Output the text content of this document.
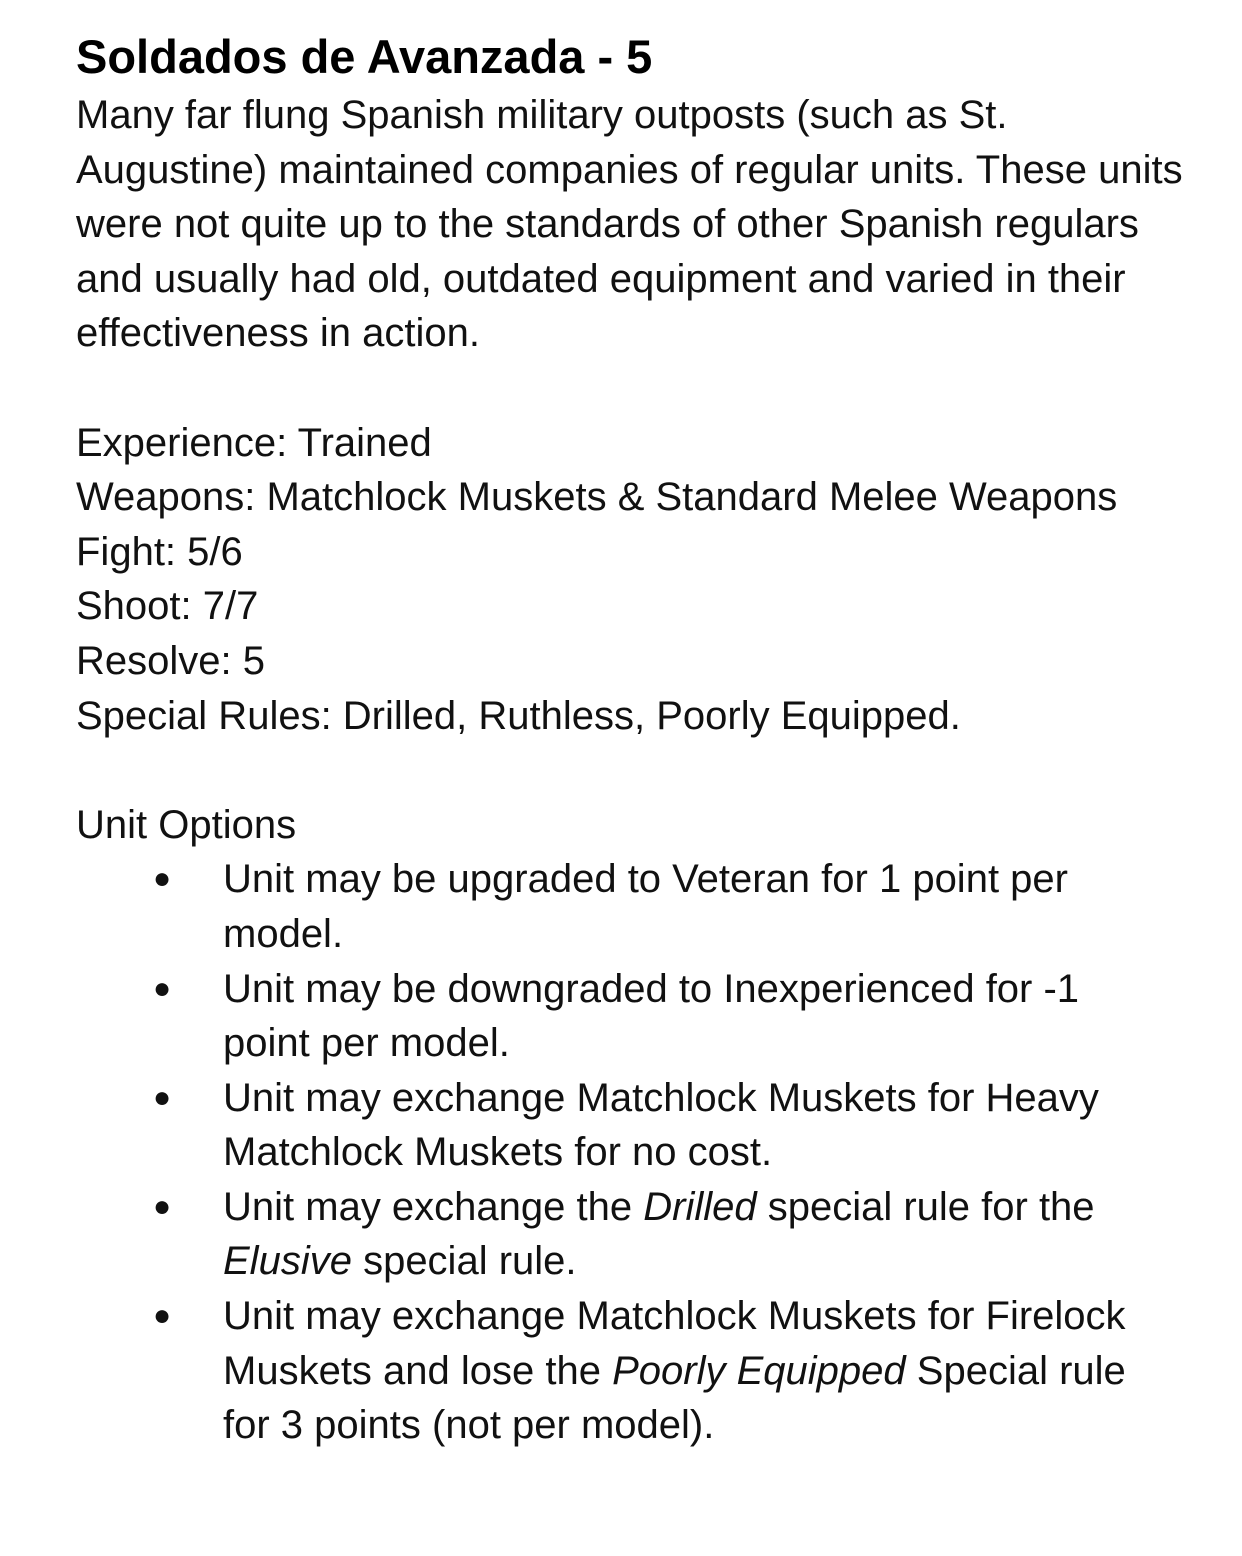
Soldados de Avanzada - 5

Many far flung Spanish military outposts (such as St. Augustine) maintained companies of regular units. These units were not quite up to the standards of other Spanish regulars and usually had old, outdated equipment and varied in their effectiveness in action.

Experience: Trained

Weapons: Matchlock Muskets & Standard Melee Weapons

Fight: 5/6

Shoot: 7/7

Resolve: 5

Special Rules: Drilled, Ruthless, Poorly Equipped.

Unit Options

● Unit may be upgraded to Veteran for 1 point per model.
● Unit may be downgraded to Inexperienced for -1 point per model.
● Unit may exchange Matchlock Muskets for Heavy Matchlock Muskets for no cost.
● Unit may exchange the Drilled special rule for the Elusive special rule.
● Unit may exchange Matchlock Muskets for Firelock Muskets and lose the Poorly Equipped Special rule for 3 points (not per model).
